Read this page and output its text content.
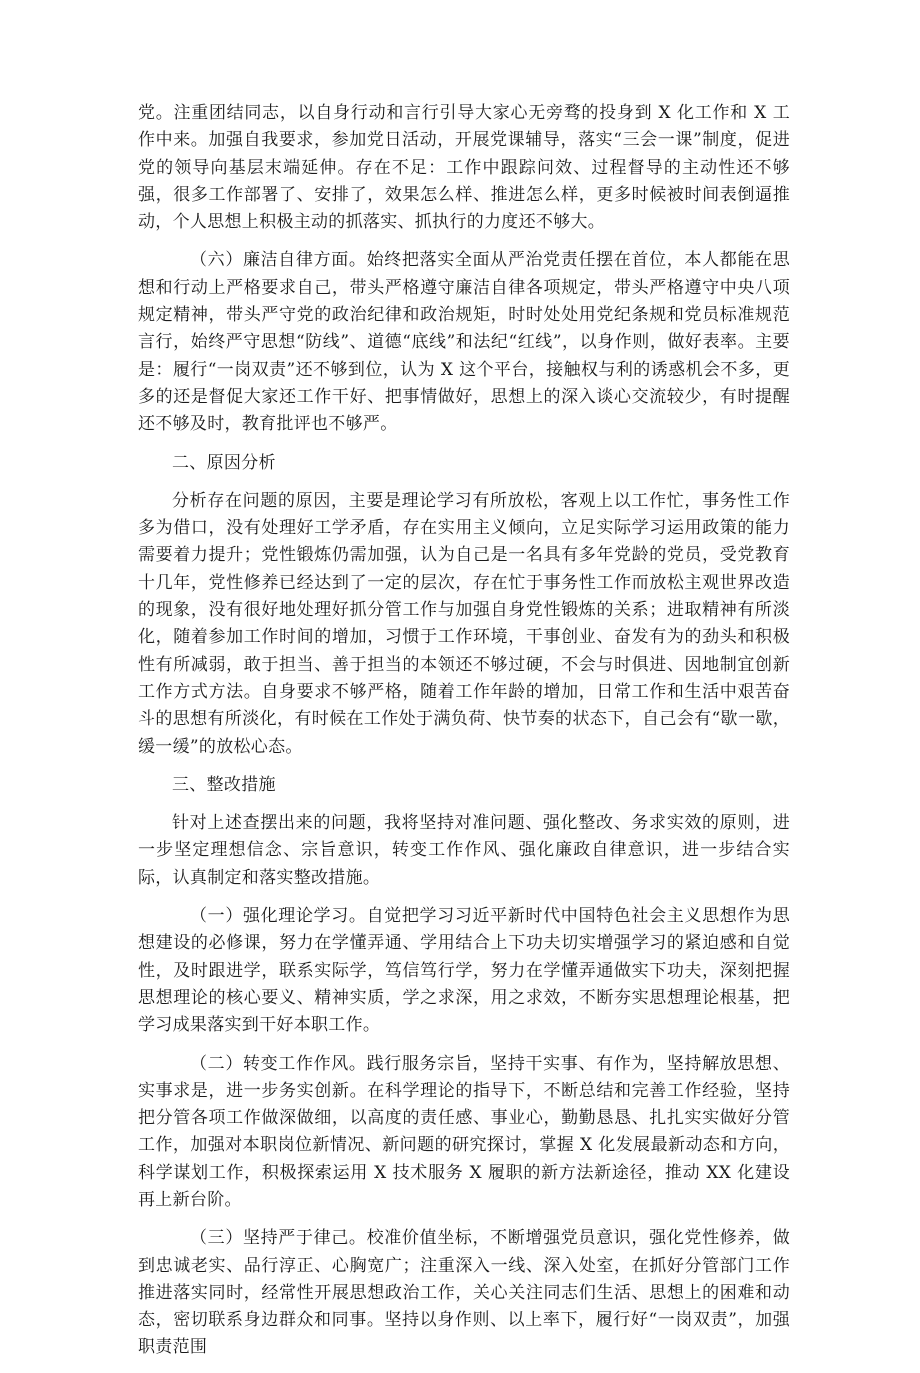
党。注重团结同志，以自身行动和言行引导大家心无旁骛的投身到 X 化工作和 X 工作中来。加强自我要求，参加党日活动，开展党课辅导，落实“三会一课”制度，促进党的领导向基层末端延伸。存在不足：工作中跟踪问效、过程督导的主动性还不够强，很多工作部署了、安排了，效果怎么样、推进怎么样，更多时候被时间表倒逼推动，个人思想上积极主动的抓落实、抓执行的力度还不够大。

（六）廉洁自律方面。始终把落实全面从严治党责任摆在首位，本人都能在思想和行动上严格要求自己，带头严格遵守廉洁自律各项规定，带头严格遵守中央八项规定精神，带头严守党的政治纪律和政治规矩，时时处处用党纪条规和党员标准规范言行，始终严守思想“防线”、道德“底线”和法纪“红线”，以身作则，做好表率。主要是：履行“一岗双责”还不够到位，认为 X 这个平台，接触权与利的诱惑机会不多，更多的还是督促大家还工作干好、把事情做好，思想上的深入谈心交流较少，有时提醒还不够及时，教育批评也不够严。

二、原因分析

分析存在问题的原因，主要是理论学习有所放松，客观上以工作忙，事务性工作多为借口，没有处理好工学矛盾，存在实用主义倾向，立足实际学习运用政策的能力需要着力提升；党性锻炼仍需加强，认为自己是一名具有多年党龄的党员，受党教育十几年，党性修养已经达到了一定的层次，存在忙于事务性工作而放松主观世界改造的现象，没有很好地处理好抓分管工作与加强自身党性锻炼的关系；进取精神有所淡化，随着参加工作时间的增加，习惯于工作环境，干事创业、奋发有为的劲头和积极性有所减弱，敢于担当、善于担当的本领还不够过硬，不会与时俱进、因地制宜创新工作方式方法。自身要求不够严格，随着工作年龄的增加，日常工作和生活中艰苦奋斗的思想有所淡化，有时候在工作处于满负荷、快节奏的状态下，自己会有“歇一歇，缓一缓”的放松心态。

三、整改措施

针对上述查摆出来的问题，我将坚持对准问题、强化整改、务求实效的原则，进一步坚定理想信念、宗旨意识，转变工作作风、强化廉政自律意识，进一步结合实际，认真制定和落实整改措施。

（一）强化理论学习。自觉把学习习近平新时代中国特色社会主义思想作为思想建设的必修课，努力在学懂弄通、学用结合上下功夫切实增强学习的紧迫感和自觉性，及时跟进学，联系实际学，笃信笃行学，努力在学懂弄通做实下功夫，深刻把握思想理论的核心要义、精神实质，学之求深，用之求效，不断夯实思想理论根基，把学习成果落实到干好本职工作。

（二）转变工作作风。践行服务宗旨，坚持干实事、有作为，坚持解放思想、实事求是，进一步务实创新。在科学理论的指导下，不断总结和完善工作经验，坚持把分管各项工作做深做细，以高度的责任感、事业心，勤勤恳恳、扎扎实实做好分管工作，加强对本职岗位新情况、新问题的研究探讨，掌握 X 化发展最新动态和方向，科学谋划工作，积极探索运用 X 技术服务 X 履职的新方法新途径，推动 XX 化建设再上新台阶。

（三）坚持严于律己。校准价值坐标，不断增强党员意识，强化党性修养，做到忠诚老实、品行淳正、心胸宽广；注重深入一线、深入处室，在抓好分管部门工作推进落实同时，经常性开展思想政治工作，关心关注同志们生活、思想上的困难和动态，密切联系身边群众和同事。坚持以身作则、以上率下，履行好“一岗双责”，加强职责范围
